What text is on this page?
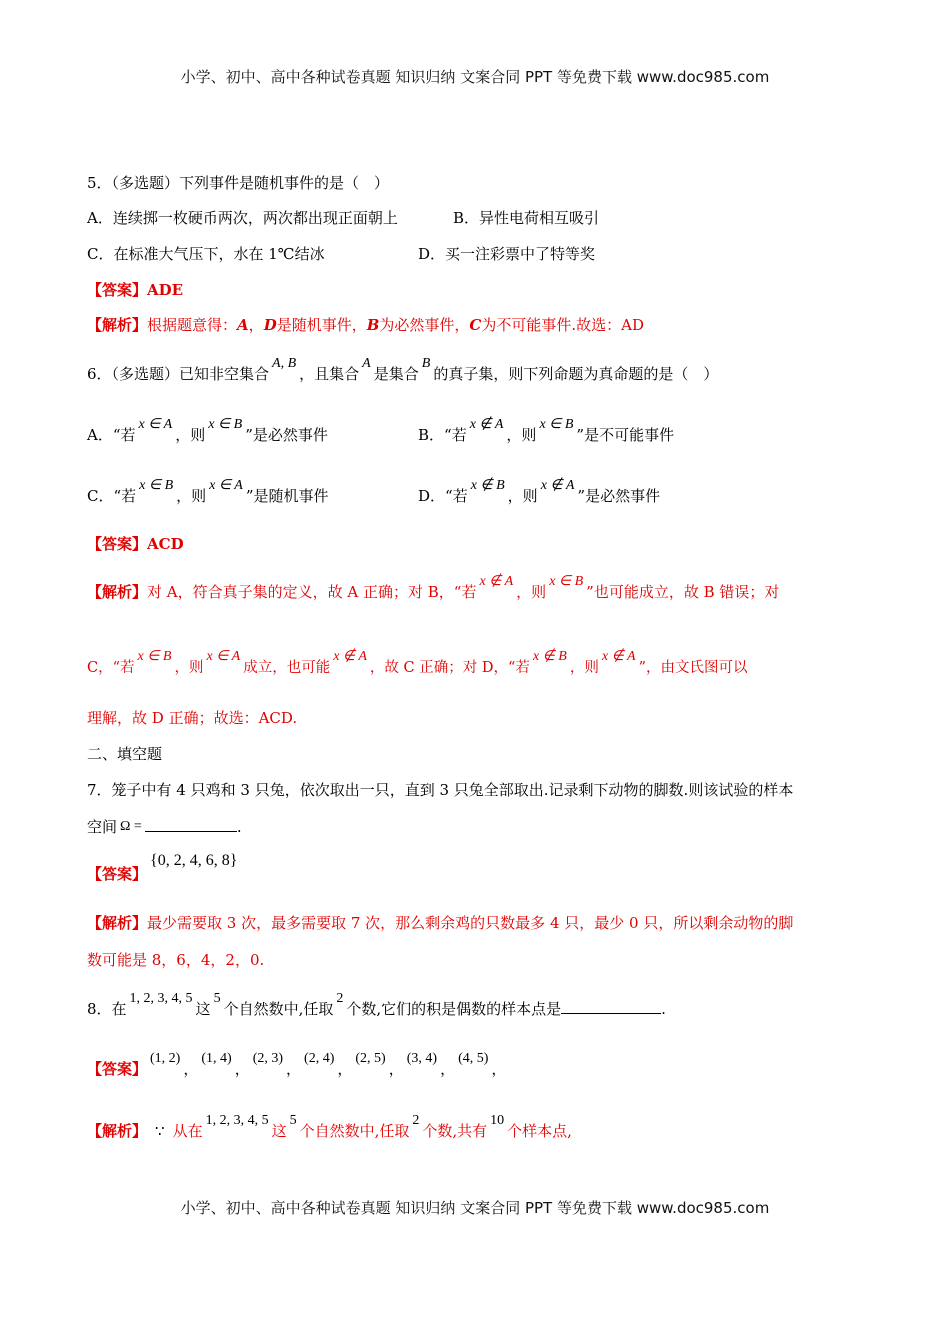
小学、初中、高中各种试卷真题 知识归纳 文案合同 PPT 等免费下载 www.doc985.com
5．（多选题）下列事件是随机事件的是（　）
A．连续掷一枚硬币两次，两次都出现正面朝上	B．异性电荷相互吸引
C．在标准大气压下，水在 1℃结冰	D．买一注彩票中了特等奖
【答案】ADE
【解析】根据题意得：A，D是随机事件，B为必然事件，C为不可能事件.故选：AD
6．（多选题）已知非空集合A, B，且集合A是集合B的真子集，则下列命题为真命题的是（　）
A．“若x ∈ A，则x ∈ B”是必然事件	B．“若x ∉ A，则x ∈ B”是不可能事件
C．“若x ∈ B，则x ∈ A”是随机事件	D．“若x ∉ B，则x ∉ A”是必然事件
【答案】ACD
【解析】对 A，符合真子集的定义，故 A 正确；对 B，“若x ∉ A，则x ∈ B”也可能成立，故 B 错误；对
C，“若x ∈ B，则x ∈ A成立，也可能x ∉ A，故 C 正确；对 D，“若x ∉ B，则x ∉ A”，由文氏图可以
理解，故 D 正确；故选：ACD.
二、填空题
7．笼子中有 4 只鸡和 3 只兔，依次取出一只，直到 3 只兔全部取出.记录剩下动物的脚数.则该试验的样本
空间 Ω =	.
【答案】{0, 2, 4, 6, 8}
【解析】最少需要取 3 次，最多需要取 7 次，那么剩余鸡的只数最多 4 只，最少 0 只，所以剩余动物的脚
数可能是 8，6，4，2，0.
8．在1, 2, 3, 4, 5这5个自然数中,任取2个数,它们的积是偶数的样本点是	.
【答案】(1, 2)，(1, 4)，(2, 3)，(2, 4)，(2, 5)，(3, 4)，(4, 5)，
【解析】 ∵ 从在1, 2, 3, 4, 5这5个自然数中,任取2个数,共有10个样本点,
小学、初中、高中各种试卷真题 知识归纳 文案合同 PPT 等免费下载 www.doc985.com
